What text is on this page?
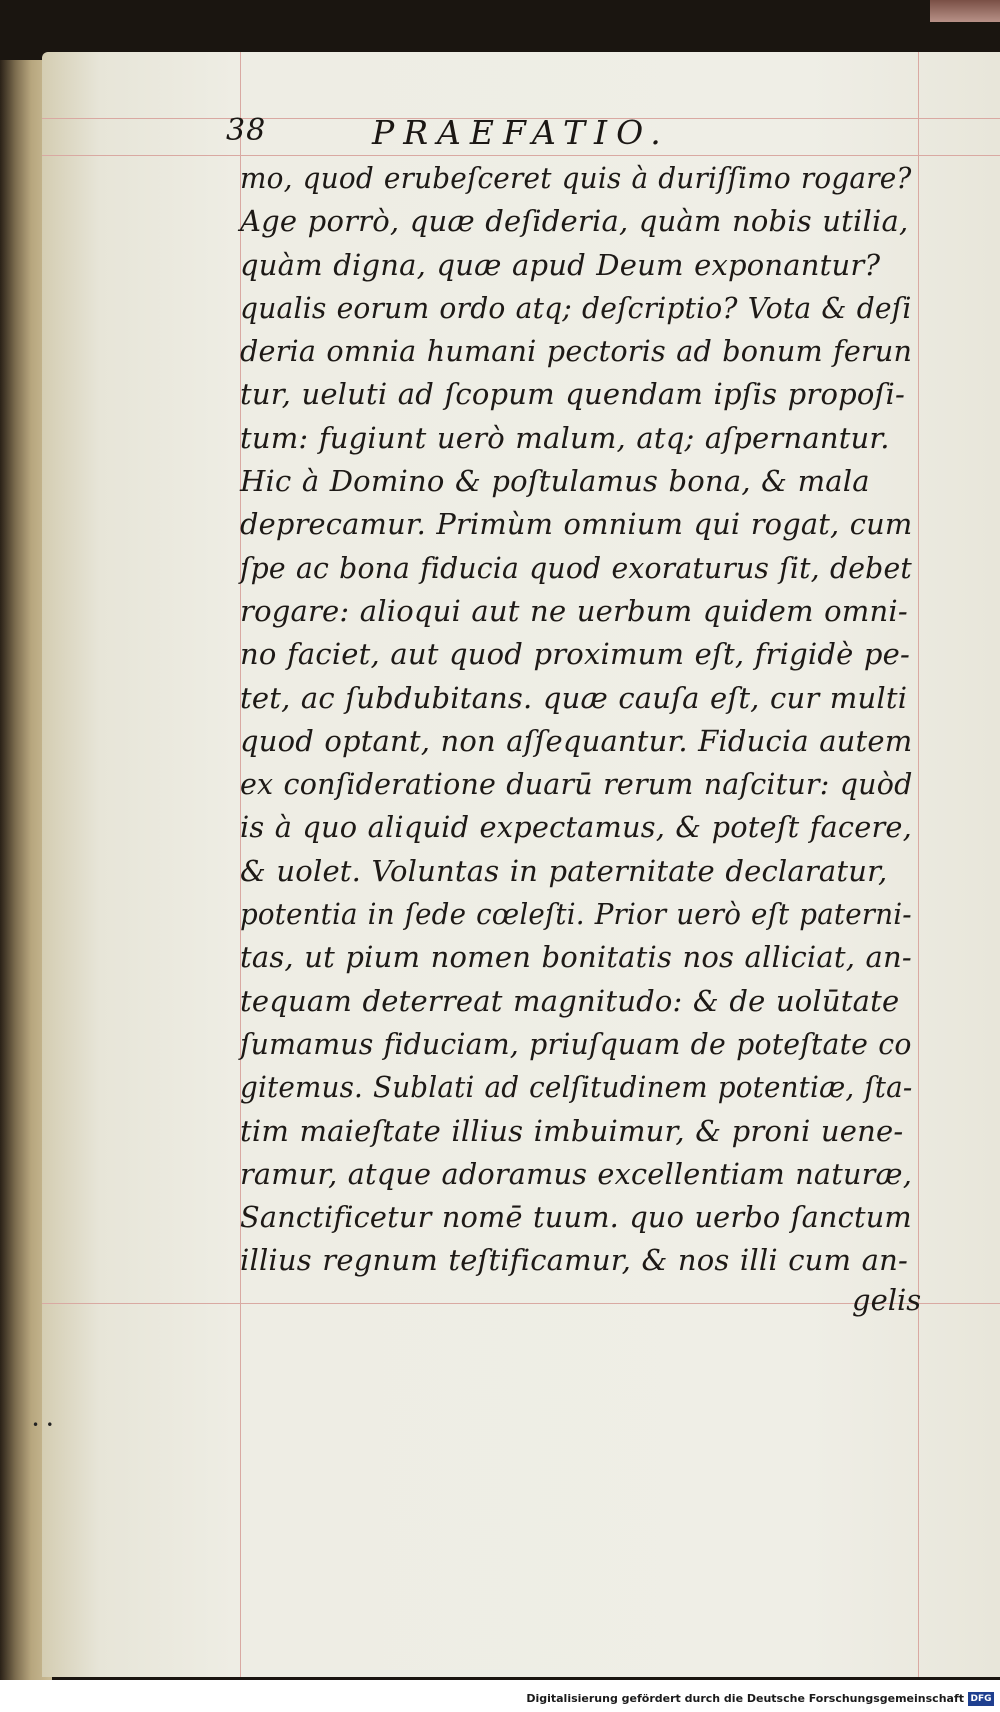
38	PRAEFATIO.
mo, quod erubeſceret quis à duriſſimo rogare?
Age porrò, quæ deſideria, quàm nobis utilia,
quàm digna, quæ apud Deum exponantur?
qualis eorum ordo atq; deſcriptio? Vota & deſi
deria omnia humani pectoris ad bonum ferun
tur, ueluti ad ſcopum quendam ipſis propoſi-
tum: fugiunt uerò malum, atq; aſpernantur.
Hic à Domino & poſtulamus bona, & mala
deprecamur. Primùm omnium qui rogat, cum
ſpe ac bona fiducia quod exoraturus ſit, debet
rogare: alioqui aut ne uerbum quidem omni-
no faciet, aut quod proximum eſt, frigidè pe-
tet, ac ſubdubitans. quæ cauſa eſt, cur multi
quod optant, non aſſequantur. Fiducia autem
ex conſideratione duarū rerum naſcitur: quòd
is à quo aliquid expectamus, & poteſt facere,
& uolet. Voluntas in paternitate declaratur,
potentia in ſede cœleſti. Prior uerò eſt paterni-
tas, ut pium nomen bonitatis nos alliciat, an-
tequam deterreat magnitudo: & de uolūtate
ſumamus fiduciam, priuſquam de poteſtate co
gitemus. Sublati ad celſitudinem potentiæ, ſta-
tim maieſtate illius imbuimur, & proni uene-
ramur, atque adoramus excellentiam naturæ,
Sanctificetur nomē tuum. quo uerbo ſanctum
illius regnum teſtificamur, & nos illi cum an-
gelis
• •
Digitalisierung gefördert durch die Deutsche Forschungsgemeinschaft DFG
